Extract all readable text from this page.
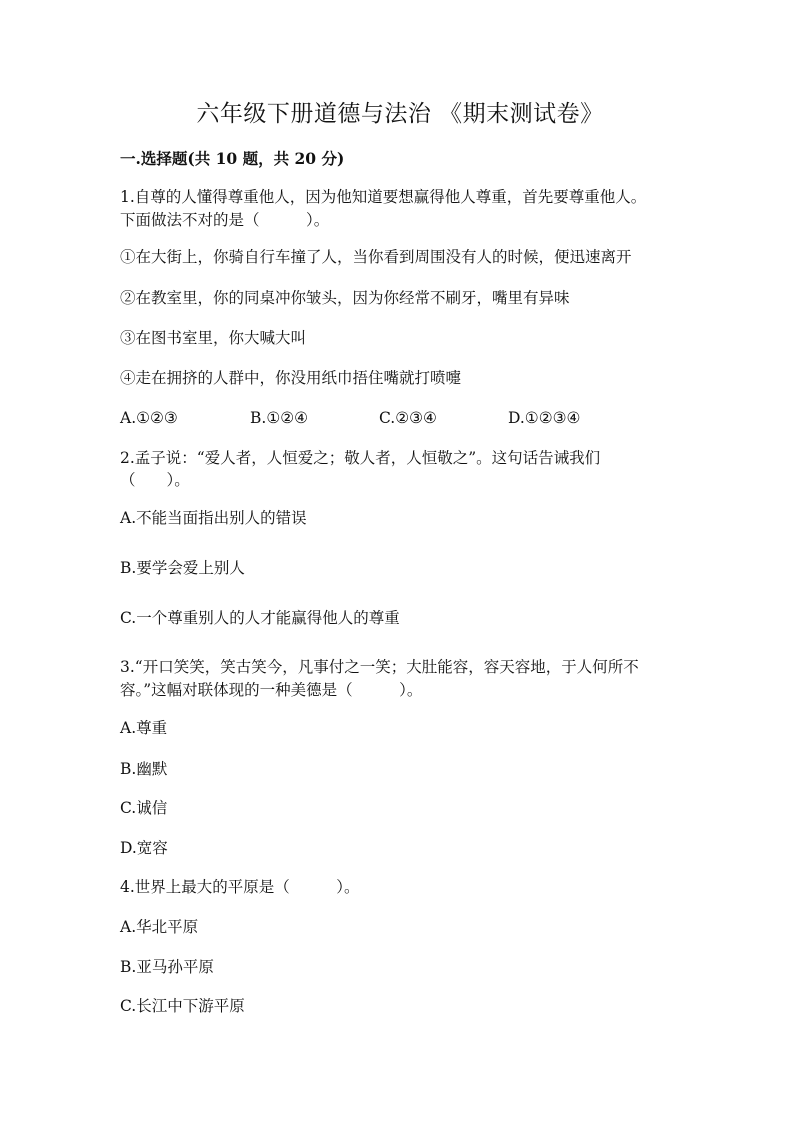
六年级下册道德与法治 《期末测试卷》
一.选择题(共 10 题，共 20 分)
1.自尊的人懂得尊重他人，因为他知道要想赢得他人尊重，首先要尊重他人。
下面做法不对的是（　　　）。
①在大街上，你骑自行车撞了人，当你看到周围没有人的时候，便迅速离开
②在教室里，你的同桌冲你皱头，因为你经常不刷牙，嘴里有异味
③在图书室里，你大喊大叫
④走在拥挤的人群中，你没用纸巾捂住嘴就打喷嚏
A.①②③	B.①②④	C.②③④	D.①②③④
2.孟子说：“爱人者，人恒爱之；敬人者，人恒敬之”。这句话告诫我们
（　　）。
A.不能当面指出别人的错误
B.要学会爱上别人
C.一个尊重别人的人才能赢得他人的尊重
3.“开口笑笑，笑古笑今，凡事付之一笑；大肚能容，容天容地，于人何所不
容。”这幅对联体现的一种美德是（　　　）。
A.尊重
B.幽默
C.诚信
D.宽容
4.世界上最大的平原是（　　　）。
A.华北平原
B.亚马孙平原
C.长江中下游平原
